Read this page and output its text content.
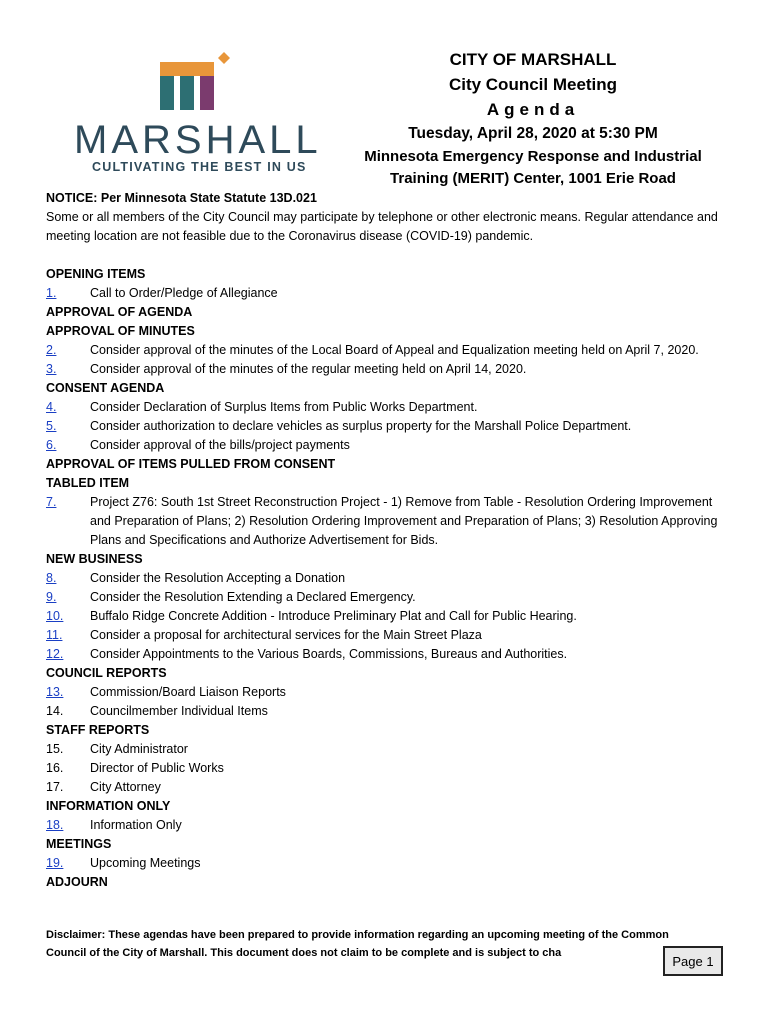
MARSHALL
CULTIVATING THE BEST IN US
CITY OF MARSHALL
City Council Meeting
Agenda
Tuesday, April 28, 2020 at 5:30 PM
Minnesota Emergency Response and Industrial
Training (MERIT) Center, 1001 Erie Road
NOTICE: Per Minnesota State Statute 13D.021
Some or all members of the City Council may participate by telephone or other electronic means. Regular attendance and meeting location are not feasible due to the Coronavirus disease (COVID-19) pandemic.
OPENING ITEMS
1.	Call to Order/Pledge of Allegiance
APPROVAL OF AGENDA
APPROVAL OF MINUTES
2.	Consider approval of the minutes of the Local Board of Appeal and Equalization meeting held on April 7, 2020.
3.	Consider approval of the minutes of the regular meeting held on April 14, 2020.
CONSENT AGENDA
4.	Consider Declaration of Surplus Items from Public Works Department.
5.	Consider authorization to declare vehicles as surplus property for the Marshall Police Department.
6.	Consider approval of the bills/project payments
APPROVAL OF ITEMS PULLED FROM CONSENT
TABLED ITEM
7.	Project Z76: South 1st Street Reconstruction Project - 1) Remove from Table - Resolution Ordering Improvement and Preparation of Plans; 2) Resolution Ordering Improvement and Preparation of Plans; 3) Resolution Approving Plans and Specifications and Authorize Advertisement for Bids.
NEW BUSINESS
8.	Consider the Resolution Accepting a Donation
9.	Consider the Resolution Extending a Declared Emergency.
10.	Buffalo Ridge Concrete Addition - Introduce Preliminary Plat and Call for Public Hearing.
11.	Consider a proposal for architectural services for the Main Street Plaza
12.	Consider Appointments to the Various Boards, Commissions, Bureaus and Authorities.
COUNCIL REPORTS
13.	Commission/Board Liaison Reports
14.	Councilmember Individual Items
STAFF REPORTS
15.	City Administrator
16.	Director of Public Works
17.	City Attorney
INFORMATION ONLY
18.	Information Only
MEETINGS
19.	Upcoming Meetings
ADJOURN
Disclaimer: These agendas have been prepared to provide information regarding an upcoming meeting of the Common Council of the City of Marshall. This document does not claim to be complete and is subject to cha
Page 1
